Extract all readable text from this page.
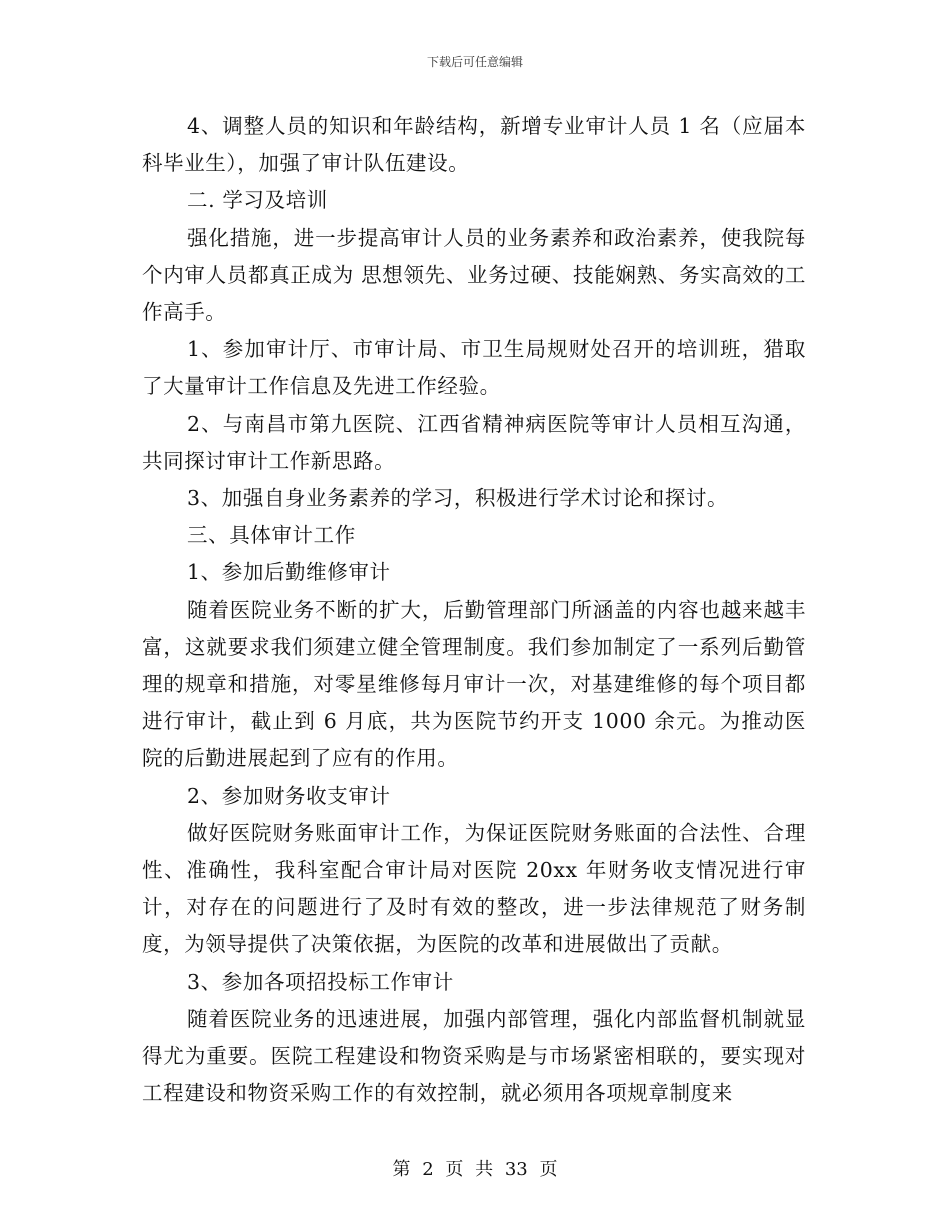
下载后可任意编辑

4、调整人员的知识和年龄结构，新增专业审计人员 1 名（应届本科毕业生），加强了审计队伍建设。

二. 学习及培训

强化措施，进一步提高审计人员的业务素养和政治素养，使我院每个内审人员都真正成为 思想领先、业务过硬、技能娴熟、务实高效的工作高手。

1、参加审计厅、市审计局、市卫生局规财处召开的培训班，猎取了大量审计工作信息及先进工作经验。

2、与南昌市第九医院、江西省精神病医院等审计人员相互沟通，共同探讨审计工作新思路。

3、加强自身业务素养的学习，积极进行学术讨论和探讨。

三、具体审计工作

1、参加后勤维修审计

随着医院业务不断的扩大，后勤管理部门所涵盖的内容也越来越丰富，这就要求我们须建立健全管理制度。我们参加制定了一系列后勤管理的规章和措施，对零星维修每月审计一次，对基建维修的每个项目都进行审计，截止到 6 月底，共为医院节约开支 1000 余元。为推动医院的后勤进展起到了应有的作用。

2、参加财务收支审计

做好医院财务账面审计工作，为保证医院财务账面的合法性、合理性、准确性，我科室配合审计局对医院 20xx 年财务收支情况进行审计，对存在的问题进行了及时有效的整改，进一步法律规范了财务制度，为领导提供了决策依据，为医院的改革和进展做出了贡献。

3、参加各项招投标工作审计

随着医院业务的迅速进展，加强内部管理，强化内部监督机制就显得尤为重要。医院工程建设和物资采购是与市场紧密相联的，要实现对工程建设和物资采购工作的有效控制，就必须用各项规章制度来

第 2 页 共 33 页
